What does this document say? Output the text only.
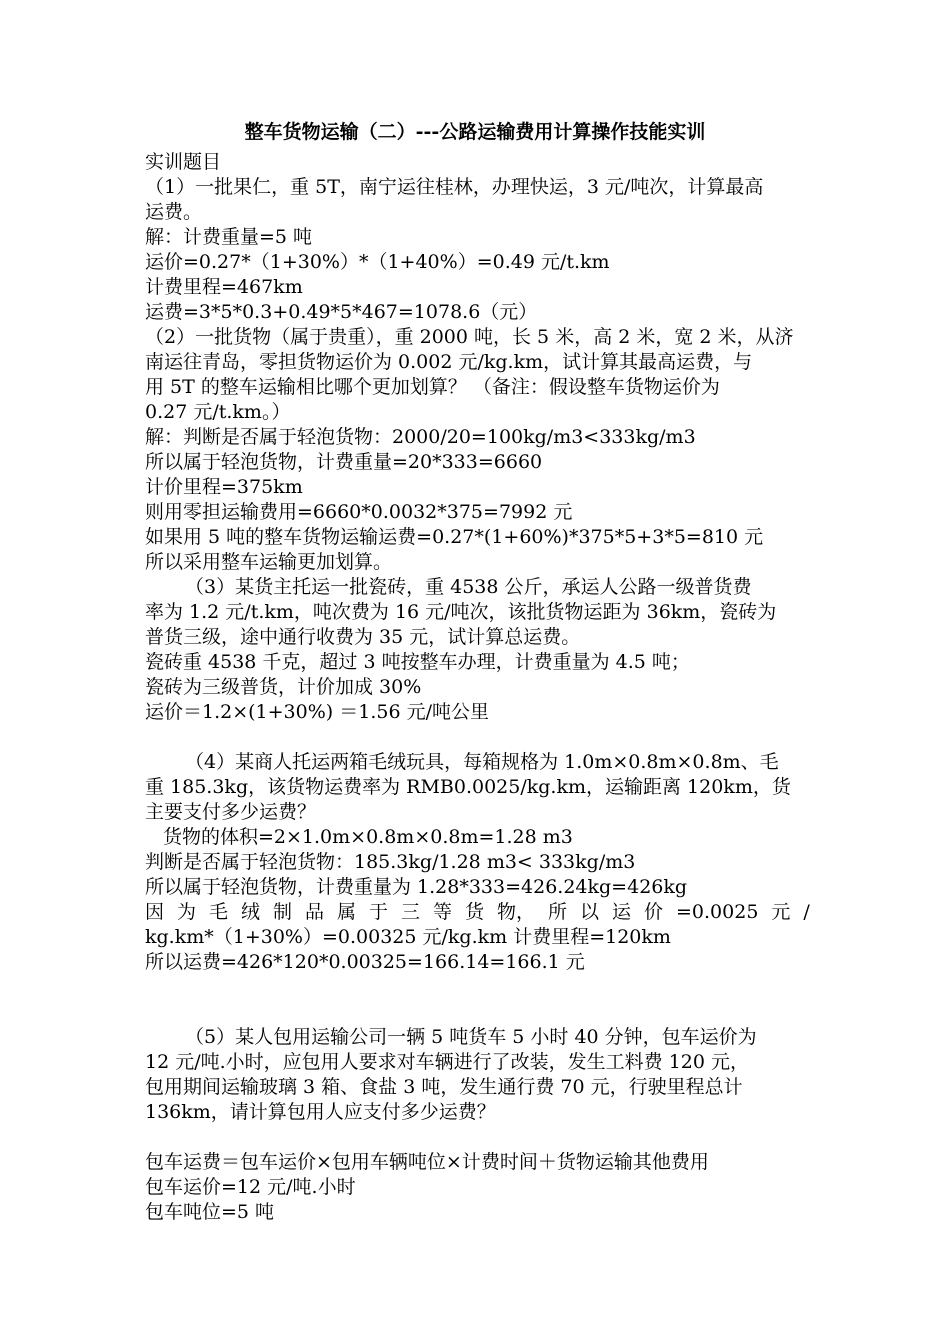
整车货物运输（二）---公路运输费用计算操作技能实训
实训题目
（1）一批果仁，重 5T，南宁运往桂林，办理快运，3 元/吨次，计算最高
运费。
解：计费重量=5 吨
运价=0.27*（1+30%）*（1+40%）=0.49 元/t.km
计费里程=467km
运费=3*5*0.3+0.49*5*467=1078.6（元）
（2）一批货物（属于贵重），重 2000 吨，长 5 米，高 2 米，宽 2 米，从济
南运往青岛，零担货物运价为 0.002 元/kg.km，试计算其最高运费，与
用 5T 的整车运输相比哪个更加划算？ （备注：假设整车货物运价为
0.27 元/t.km。）
解：判断是否属于轻泡货物：2000/20=100kg/m3<333kg/m3
所以属于轻泡货物，计费重量=20*333=6660
计价里程=375km
则用零担运输费用=6660*0.0032*375=7992 元
如果用 5 吨的整车货物运输运费=0.27*(1+60%)*375*5+3*5=810 元
所以采用整车运输更加划算。
（3）某货主托运一批瓷砖，重 4538 公斤，承运人公路一级普货费
率为 1.2 元/t.km，吨次费为 16 元/吨次，该批货物运距为 36km，瓷砖为
普货三级，途中通行收费为 35 元，试计算总运费。
瓷砖重 4538 千克，超过 3 吨按整车办理，计费重量为 4.5 吨；
瓷砖为三级普货，计价加成 30%
运价＝1.2×(1+30%) ＝1.56 元/吨公里
（4）某商人托运两箱毛绒玩具，每箱规格为 1.0m×0.8m×0.8m、毛
重 185.3kg，该货物运费率为 RMB0.0025/kg.km，运输距离 120km，货
主要支付多少运费？
货物的体积=2×1.0m×0.8m×0.8m=1.28 m3
判断是否属于轻泡货物：185.3kg/1.28 m3< 333kg/m3
所以属于轻泡货物，计费重量为 1.28*333=426.24kg=426kg
因 为 毛 绒 制 品 属 于 三 等 货 物， 所 以 运 价 =0.0025 元 /
kg.km*（1+30%）=0.00325 元/kg.km 计费里程=120km
所以运费=426*120*0.00325=166.14=166.1 元
（5）某人包用运输公司一辆 5 吨货车 5 小时 40 分钟，包车运价为
12 元/吨.小时，应包用人要求对车辆进行了改装，发生工料费 120 元，
包用期间运输玻璃 3 箱、食盐 3 吨，发生通行费 70 元，行驶里程总计
136km，请计算包用人应支付多少运费？
包车运费＝包车运价×包用车辆吨位×计费时间＋货物运输其他费用
包车运价=12 元/吨.小时
包车吨位=5 吨
